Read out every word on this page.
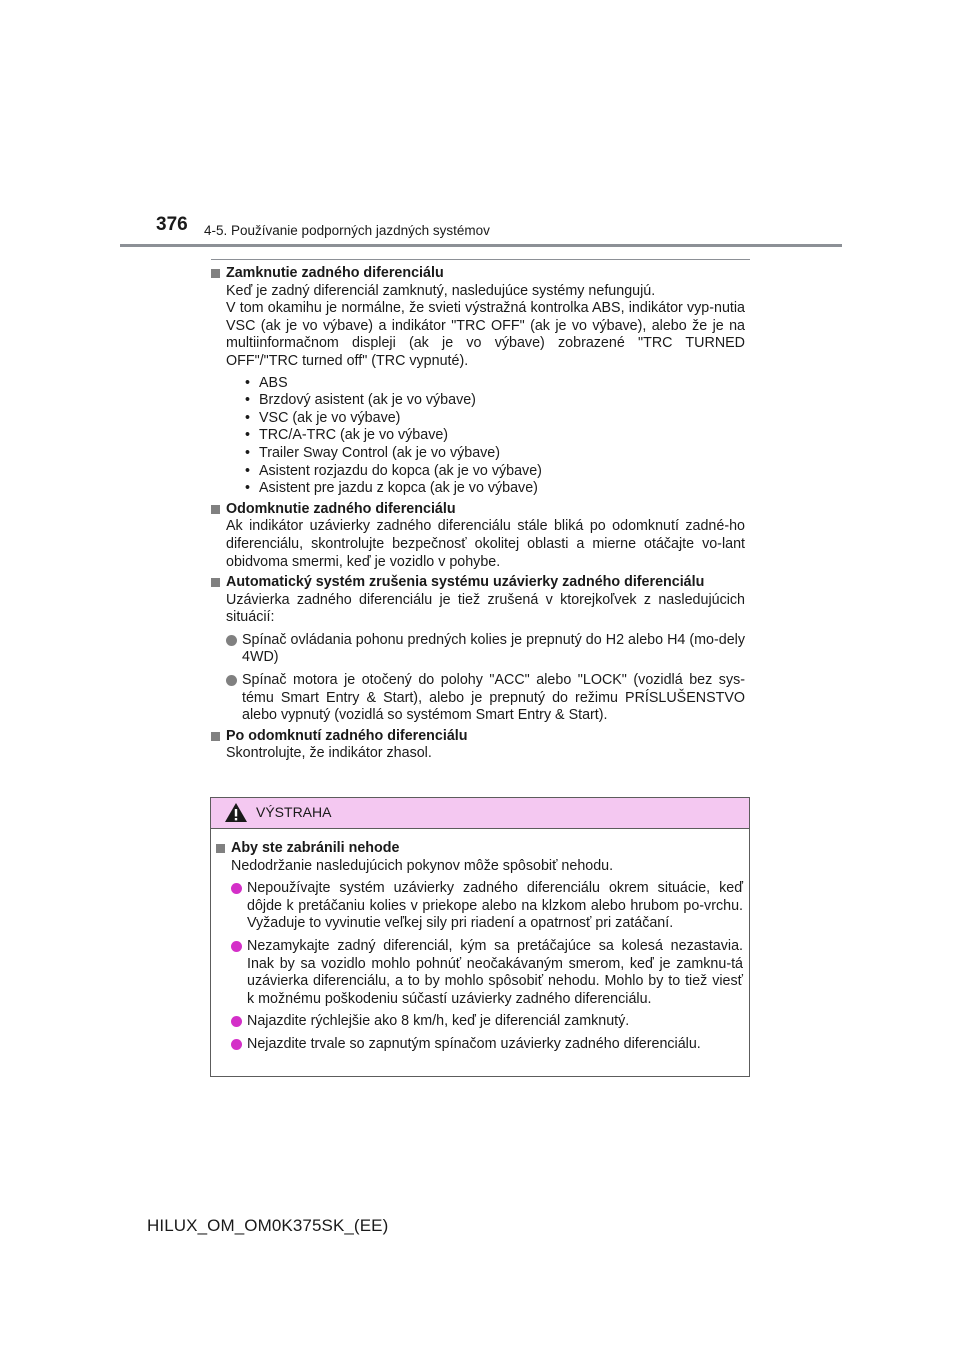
376 4-5. Používanie podporných jazdných systémov
Zamknutie zadného diferenciálu
Keď je zadný diferenciál zamknutý, nasledujúce systémy nefungujú.
V tom okamihu je normálne, že svieti výstražná kontrolka ABS, indikátor vyp-nutia VSC (ak je vo výbave) a indikátor "TRC OFF" (ak je vo výbave), alebo že je na multiinformačnom displeji (ak je vo výbave) zobrazené "TRC TURNED OFF"/"TRC turned off" (TRC vypnuté).
• ABS
• Brzdový asistent (ak je vo výbave)
• VSC (ak je vo výbave)
• TRC/A-TRC (ak je vo výbave)
• Trailer Sway Control (ak je vo výbave)
• Asistent rozjazdu do kopca (ak je vo výbave)
• Asistent pre jazdu z kopca (ak je vo výbave)
Odomknutie zadného diferenciálu
Ak indikátor uzávierky zadného diferenciálu stále bliká po odomknutí zadné-ho diferenciálu, skontrolujte bezpečnosť okolitej oblasti a mierne otáčajte vo-lant obidvoma smermi, keď je vozidlo v pohybe.
Automatický systém zrušenia systému uzávierky zadného diferenciálu
Uzávierka zadného diferenciálu je tiež zrušená v ktorejkoľvek z nasledujúcich situácií:
Spínač ovládania pohonu predných kolies je prepnutý do H2 alebo H4 (mo-dely 4WD)
Spínač motora je otočený do polohy "ACC" alebo "LOCK" (vozidlá bez sys-tému Smart Entry & Start), alebo je prepnutý do režimu PRÍSLUŠENSTVO alebo vypnutý (vozidlá so systémom Smart Entry & Start).
Po odomknutí zadného diferenciálu
Skontrolujte, že indikátor zhasol.
VÝSTRAHA
Aby ste zabránili nehode
Nedodržanie nasledujúcich pokynov môže spôsobiť nehodu.
Nepoužívajte systém uzávierky zadného diferenciálu okrem situácie, keď dôjde k pretáčaniu kolies v priekope alebo na klzkom alebo hrubom po-vrchu. Vyžaduje to vyvinutie veľkej sily pri riadení a opatrnosť pri zatáčaní.
Nezamykajte zadný diferenciál, kým sa pretáčajúce sa kolesá nezastavia. Inak by sa vozidlo mohlo pohnúť neočakávaným smerom, keď je zamknu-tá uzávierka diferenciálu, a to by mohlo spôsobiť nehodu. Mohlo by to tiež viesť k možnému poškodeniu súčastí uzávierky zadného diferenciálu.
Najazdite rýchlejšie ako 8 km/h, keď je diferenciál zamknutý.
Nejazdite trvale so zapnutým spínačom uzávierky zadného diferenciálu.
HILUX_OM_OM0K375SK_(EE)
